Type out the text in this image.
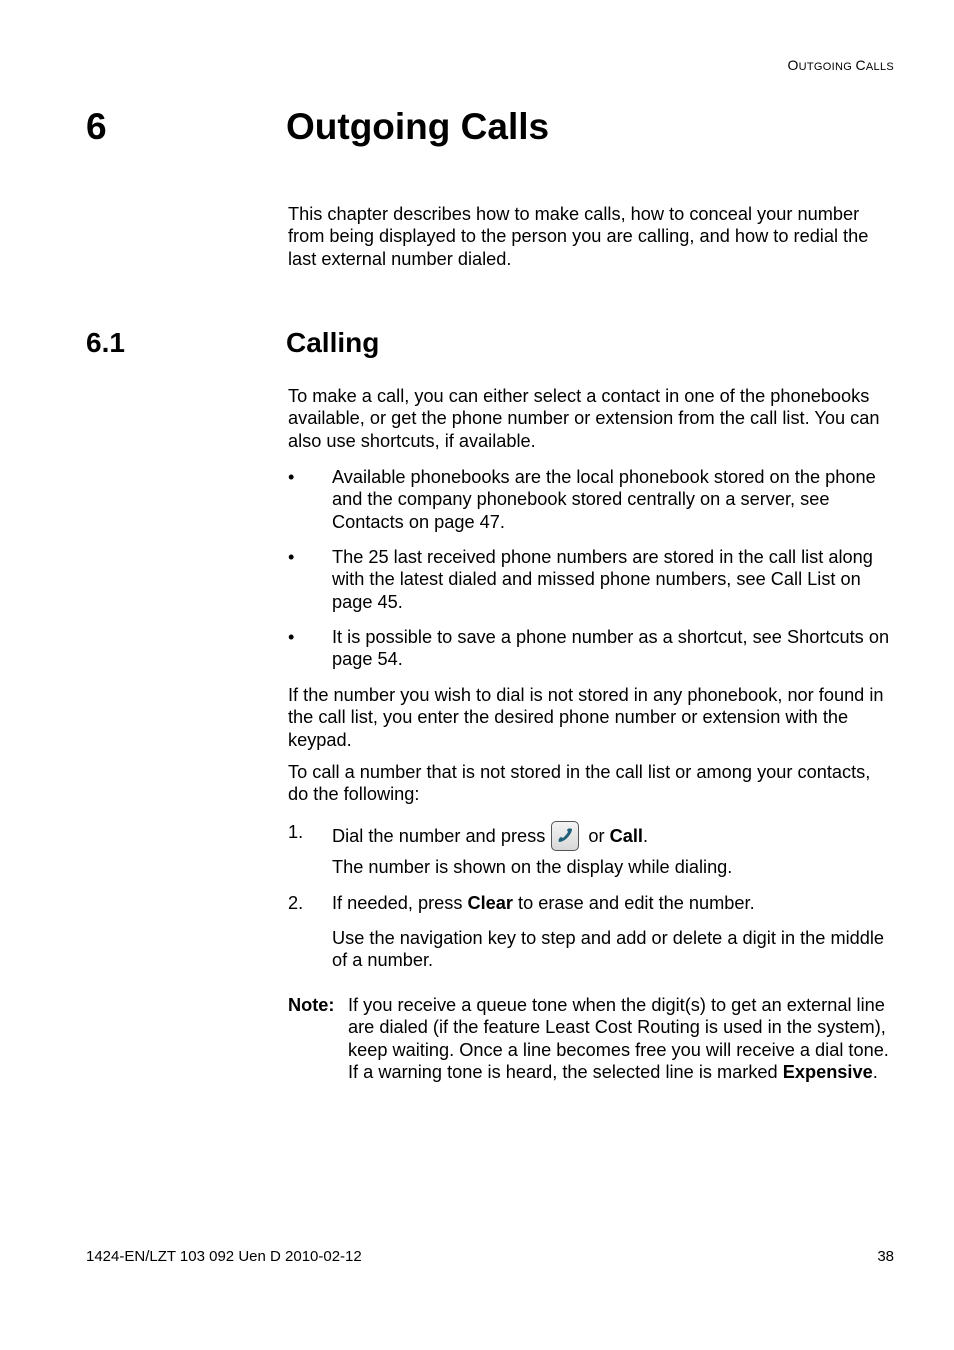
OUTGOING CALLS
6	Outgoing Calls

This chapter describes how to make calls, how to conceal your number from being displayed to the person you are calling, and how to redial the last external number dialed.

6.1	Calling

To make a call, you can either select a contact in one of the phonebooks available, or get the phone number or extension from the call list. You can also use shortcuts, if available.

• Available phonebooks are the local phonebook stored on the phone and the company phonebook stored centrally on a server, see Contacts on page 47.
• The 25 last received phone numbers are stored in the call list along with the latest dialed and missed phone numbers, see Call List on page 45.
• It is possible to save a phone number as a shortcut, see Shortcuts on page 54.

If the number you wish to dial is not stored in any phonebook, nor found in the call list, you enter the desired phone number or extension with the keypad.

To call a number that is not stored in the call list or among your contacts, do the following:

1. Dial the number and press
or Call.
The number is shown on the display while dialing.
2. If needed, press Clear to erase and edit the number.
Use the navigation key to step and add or delete a digit in the middle of a number.
Note: If you receive a queue tone when the digit(s) to get an external line are dialed (if the feature Least Cost Routing is used in the system), keep waiting. Once a line becomes free you will receive a dial tone. If a warning tone is heard, the selected line is marked Expensive.
1424-EN/LZT 103 092 Uen D 2010-02-12	38
